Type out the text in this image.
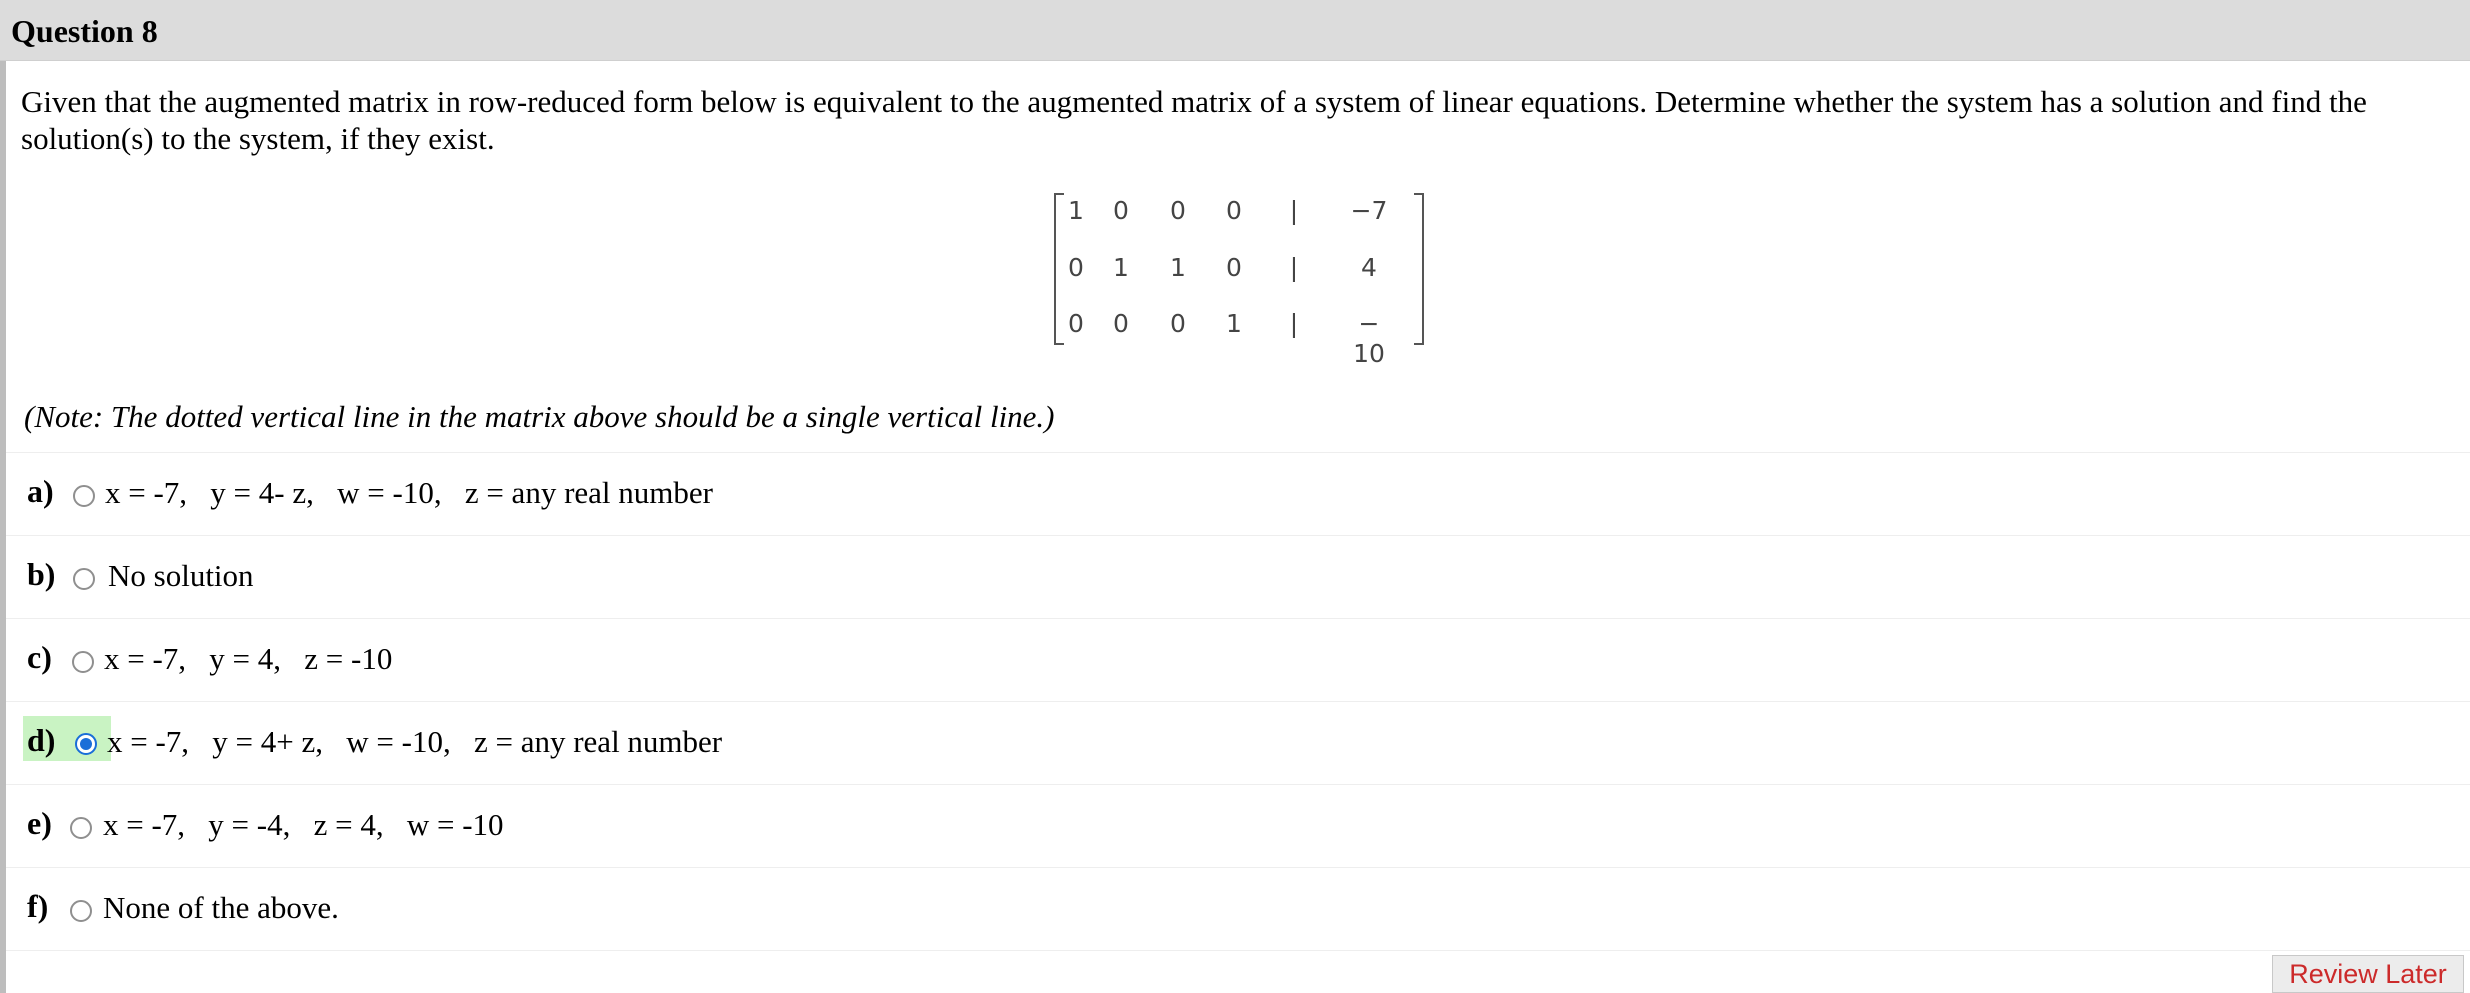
Question 8
Given that the augmented matrix in row-reduced form below is equivalent to the augmented matrix of a system of linear equations. Determine whether the system has a solution and find the solution(s) to the system, if they exist.
1	0	0	0	|	−7
0	1	1	0	|	4
0	0	0	1	|	− 10
(Note: The dotted vertical line in the matrix above should be a single vertical line.)
a) x = -7,   y = 4- z,   w = -10,   z = any real number
b) No solution
c) x = -7,   y = 4,   z = -10
d) x = -7,   y = 4+ z,   w = -10,   z = any real number
e) x = -7,   y = -4,   z = 4,   w = -10
f) None of the above.
Review Later
